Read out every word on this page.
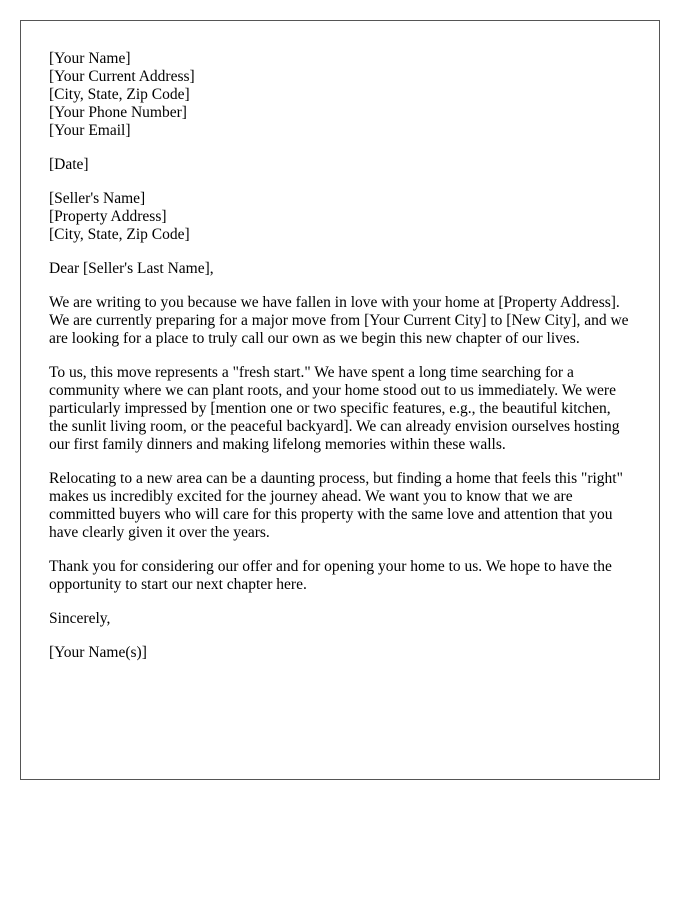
[Your Name]

[Your Current Address]

[City, State, Zip Code]

[Your Phone Number]

[Your Email]

[Date]

[Seller's Name]

[Property Address]

[City, State, Zip Code]

Dear [Seller's Last Name],

We are writing to you because we have fallen in love with your home at [Property Address]. We are currently preparing for a major move from [Your Current City] to [New City], and we are looking for a place to truly call our own as we begin this new chapter of our lives.

To us, this move represents a "fresh start." We have spent a long time searching for a community where we can plant roots, and your home stood out to us immediately. We were particularly impressed by [mention one or two specific features, e.g., the beautiful kitchen, the sunlit living room, or the peaceful backyard]. We can already envision ourselves hosting our first family dinners and making lifelong memories within these walls.

Relocating to a new area can be a daunting process, but finding a home that feels this "right" makes us incredibly excited for the journey ahead. We want you to know that we are committed buyers who will care for this property with the same love and attention that you have clearly given it over the years.

Thank you for considering our offer and for opening your home to us. We hope to have the opportunity to start our next chapter here.

Sincerely,

[Your Name(s)]
